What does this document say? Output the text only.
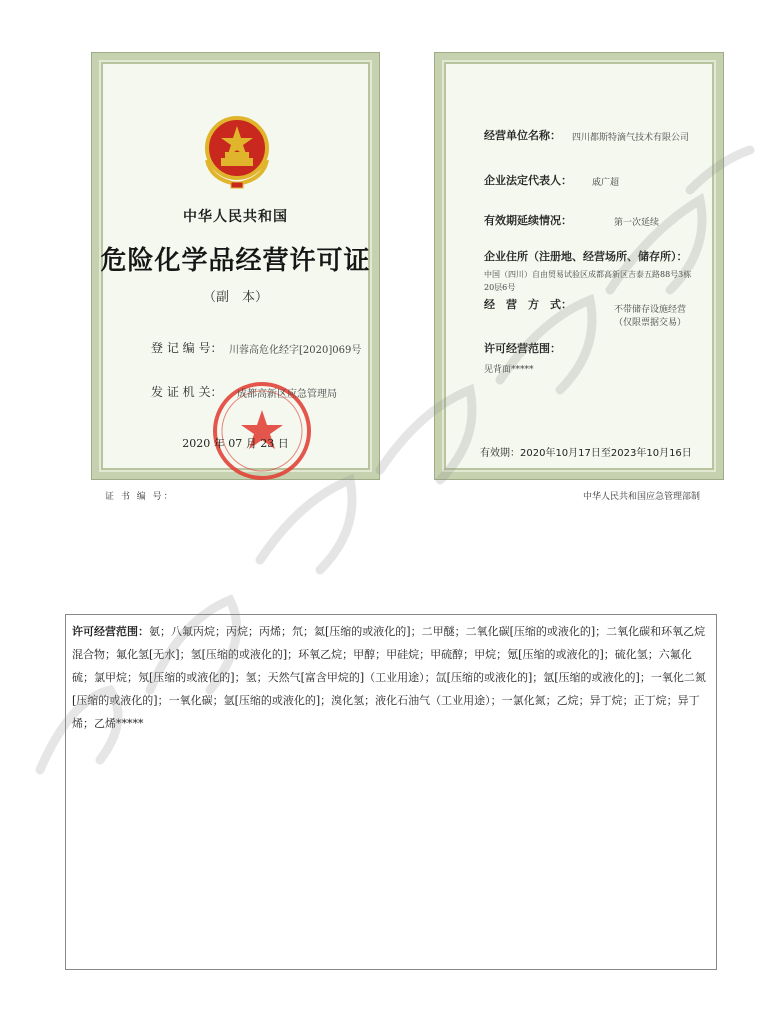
中华人民共和国
危险化学品经营许可证
（副　本）
登 记 编 号： 川蓉高危化经字[2020]069号
发 证 机 关： 成都高新区应急管理局
2020 年 07 月 23 日
经营单位名称： 四川都斯特滴气技术有限公司
企业法定代表人： 戚广超
有效期延续情况：	第一次延续
企业住所（注册地、经营场所、储存所）：
中国（四川）自由贸易试验区成都高新区吉泰五路88号3栋20层6号
经　营　方　式：	不带储存设施经营
（仅限票据交易）
许可经营范围：
见背面*****
有效期：2020年10月17日至2023年10月16日
证 书 编 号：	中华人民共和国应急管理部制
许可经营范围：氨；八氟丙烷；丙烷；丙烯；氘；氦[压缩的或液化的]；二甲醚；二氧化碳[压缩的或液化的]；二氧化碳和环氧乙烷混合物；氟化氢[无水]；氢[压缩的或液化的]；环氧乙烷；甲醇；甲硅烷；甲硫醇；甲烷；氪[压缩的或液化的]；硫化氢；六氟化硫；氯甲烷；氖[压缩的或液化的]；氢；天然气[富含甲烷的]（工业用途）；氙[压缩的或液化的]；氩[压缩的或液化的]；一氧化二氮[压缩的或液化的]；一氧化碳；氩[压缩的或液化的]；溴化氢；液化石油气（工业用途）；一氯化氮；乙烷；异丁烷；正丁烷；异丁烯；乙烯*****
